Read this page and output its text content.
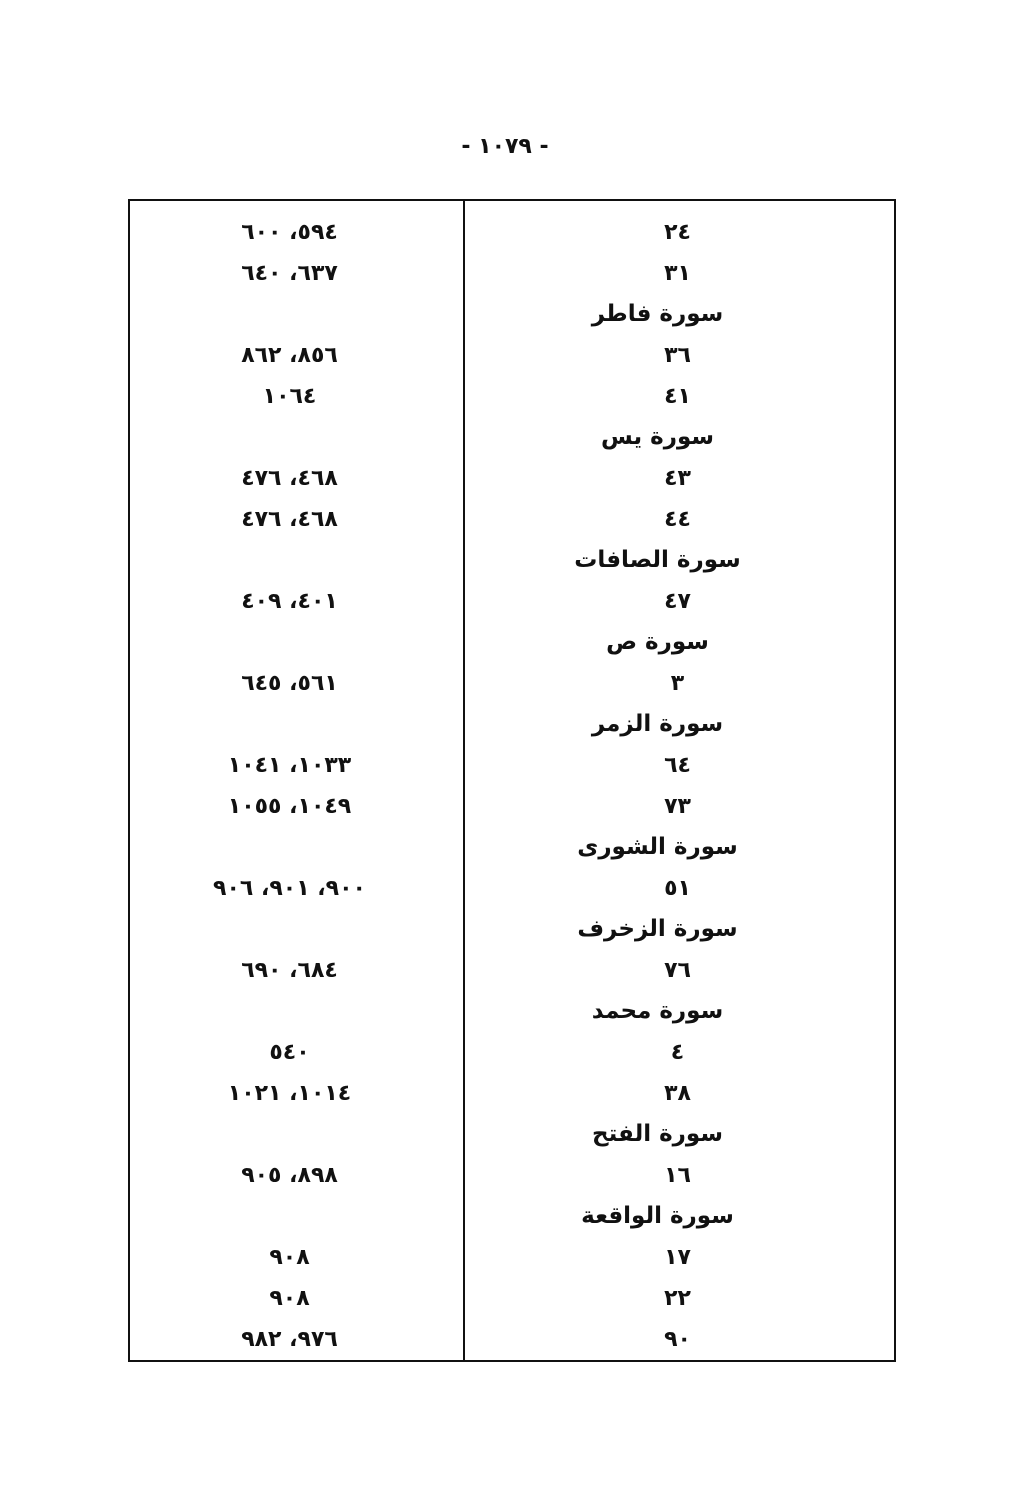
- ١٠٧٩ -
٥٩٤، ٦٠٠	٢٤
٦٣٧، ٦٤٠	٣١
سورة فاطر
٨٥٦، ٨٦٢	٣٦
١٠٦٤	٤١
سورة يس
٤٦٨، ٤٧٦	٤٣
٤٦٨، ٤٧٦	٤٤
سورة الصافات
٤٠١، ٤٠٩	٤٧
سورة ص
٥٦١، ٦٤٥	٣
سورة الزمر
١٠٣٣، ١٠٤١	٦٤
١٠٤٩، ١٠٥٥	٧٣
سورة الشورى
٩٠٠، ٩٠١، ٩٠٦	٥١
سورة الزخرف
٦٨٤، ٦٩٠	٧٦
سورة محمد
٥٤٠	٤
١٠١٤، ١٠٢١	٣٨
سورة الفتح
٨٩٨، ٩٠٥	١٦
سورة الواقعة
٩٠٨	١٧
٩٠٨	٢٢
٩٧٦، ٩٨٢	٩٠
